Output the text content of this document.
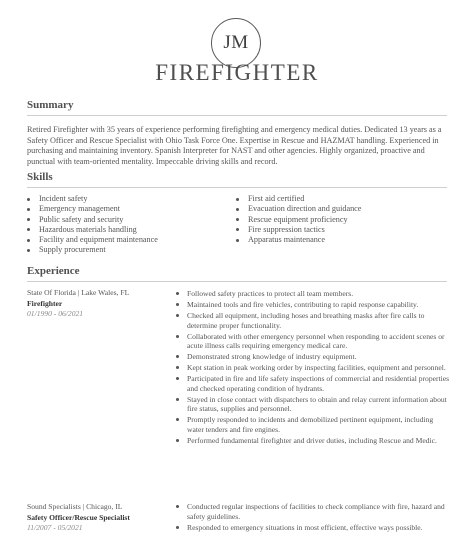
JM
FIREFIGHTER
Summary

Retired Firefighter with 35 years of experience performing firefighting and emergency medical duties. Dedicated 13 years as a Safety Officer and Rescue Specialist with Ohio Task Force One. Expertise in Rescue and HAZMAT handling. Experienced in purchasing and maintaining inventory. Spanish Interpreter for NAST and other agencies. Highly organized, proactive and punctual with team-oriented mentality. Impeccable driving skills and record.

Skills
Incident safety
Emergency management
Public safety and security
Hazardous materials handling
Facility and equipment maintenance
Supply procurement
First aid certified
Evacuation direction and guidance
Rescue equipment proficiency
Fire suppression tactics
Apparatus maintenance
Experience
State Of Florida | Lake Wales, FL
Firefighter
01/1990 - 06/2021
Followed safety practices to protect all team members.
Maintained tools and fire vehicles, contributing to rapid response capability.
Checked all equipment, including hoses and breathing masks after fire calls to determine proper functionality.
Collaborated with other emergency personnel when responding to accident scenes or acute illness calls requiring emergency medical care.
Demonstrated strong knowledge of industry equipment.
Kept station in peak working order by inspecting facilities, equipment and personnel.
Participated in fire and life safety inspections of commercial and residential properties and checked operating condition of hydrants.
Stayed in close contact with dispatchers to obtain and relay current information about fire status, supplies and personnel.
Promptly responded to incidents and demobilized pertinent equipment, including water tenders and fire engines.
Performed fundamental firefighter and driver duties, including Rescue and Medic.
Sound Specialists | Chicago, IL
Safety Officer/Rescue Specialist
11/2007 - 05/2021
Conducted regular inspections of facilities to check compliance with fire, hazard and safety guidelines.
Responded to emergency situations in most efficient, effective ways possible.
